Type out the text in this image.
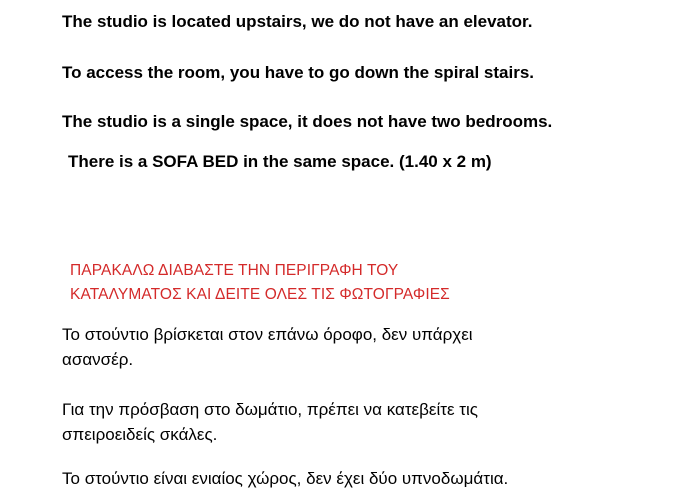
The studio is located upstairs, we do not have an elevator.

To access the room, you have to go down the spiral stairs.

The studio is a single space, it does not have two bedrooms.

There is a SOFA BED in the same space. (1.40 x 2 m)

ΠΑΡΑΚΑΛΩ ΔΙΑΒΑΣΤΕ ΤΗΝ ΠΕΡΙΓΡΑΦΗ ΤΟΥ

ΚΑΤΑΛΥΜΑΤΟΣ ΚΑΙ ΔΕΙΤΕ ΟΛΕΣ ΤΙΣ ΦΩΤΟΓΡΑΦΙΕΣ

Το στούντιο βρίσκεται στον επάνω όροφο, δεν υπάρχει

ασανσέρ.

Για την πρόσβαση στο δωμάτιο, πρέπει να κατεβείτε τις

σπειροειδείς σκάλες.

Το στούντιο είναι ενιαίος χώρος, δεν έχει δύο υπνοδωμάτια.
